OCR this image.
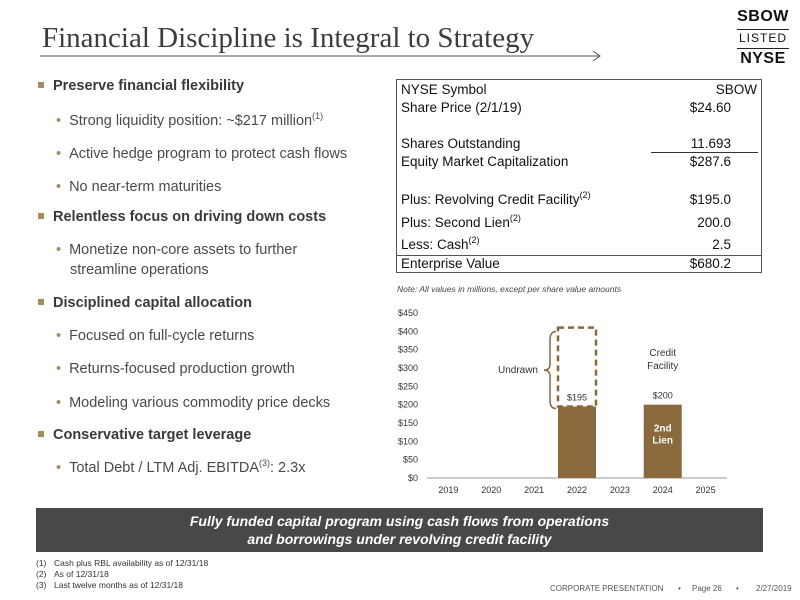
Financial Discipline is Integral to Strategy
SBOW
LISTED
NYSE
Preserve financial flexibility
• Strong liquidity position: ~$217 million$^{(1)}$
• Active hedge program to protect cash flows
• No near-term maturities
Relentless focus on driving down costs
• Monetize non-core assets to further
streamline operations
Disciplined capital allocation
• Focused on full-cycle returns
• Returns-focused production growth
• Modeling various commodity price decks
Conservative target leverage
• Total Debt / LTM Adj. EBITDA$^{(3)}$: 2.3x
NYSE Symbol	SBOW
Share Price (2/1/19)	$24.60
Shares Outstanding	11.693
Equity Market Capitalization	$287.6
Plus: Revolving Credit Facility$^{(2)}$	$195.0
Plus: Second Lien$^{(2)}$	200.0
Less: Cash$^{(2)}$	2.5
Enterprise Value	$680.2
Note: All values in millions, except per share value amounts
$0
$50
$100
$150
$200
$250
$300
$350
$400
$450
2019	2020	2021	2022	2023	2024	2025
$195	$200
2nd
Lien
Undrawn
Credit
Facility
Fully funded capital program using cash flows from operations
and borrowings under revolving credit facility
(1) Cash plus RBL availability as of 12/31/18
(2) As of 12/31/18
(3) Last twelve months as of 12/31/18	CORPORATE PRESENTATION • Page 26 • 2/27/2019
